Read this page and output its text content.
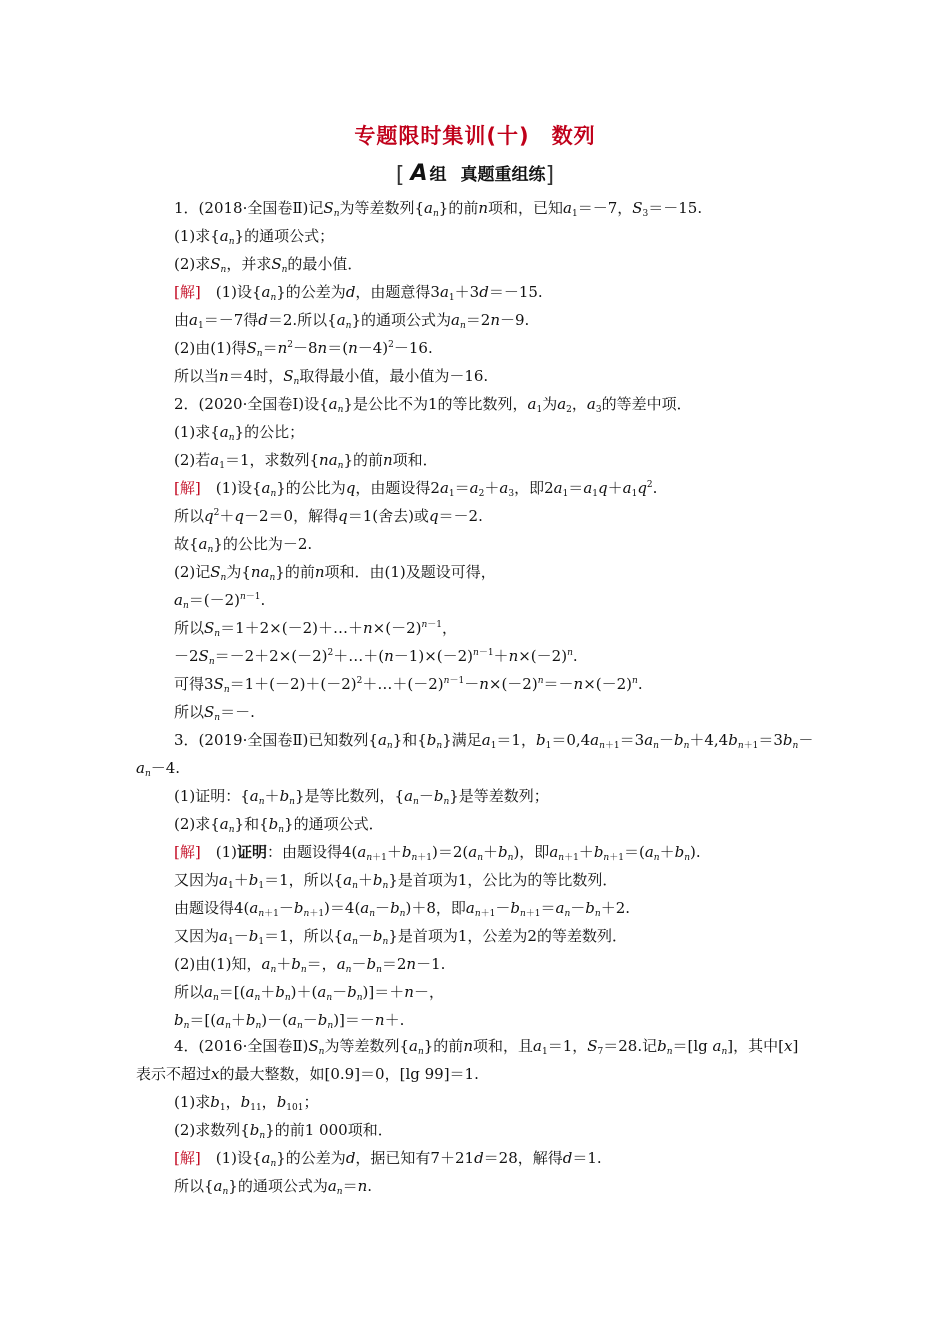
专题限时集训(十) 数列
[ A 组 真题重组练]
1．(2018·全国卷Ⅱ)记$S_n$为等差数列$\{a_n\}$的前n项和，已知$a_1=-7$，$S_3=-15$.
(1)求$\{a_n\}$的通项公式；
(2)求$S_n$，并求$S_n$的最小值．
[解]　(1)设$\{a_n\}$的公差为d，由题意得$3a_1+3d=-15$.
由$a_1=-7$得d＝2.所以$\{a_n\}$的通项公式为$a_n=2n-9$.
(2)由(1)得$S_n=n^2-8n=(n-4)^2-16$.
所以当n＝4时，$S_n$取得最小值，最小值为－16.
2．(2020·全国卷Ⅰ)设$\{a_n\}$是公比不为1的等比数列，$a_1$为$a_2$，$a_3$的等差中项．
(1)求$\{a_n\}$的公比；
(2)若$a_1=1$，求数列$\{na_n\}$的前n项和．
[解]　(1)设$\{a_n\}$的公比为q，由题设得$2a_1=a_2+a_3$，即$2a_1=a_1q+a_1q^2$.
所以$q^2+q-2=0$，解得q＝1(舍去)或q＝－2.
故$\{a_n\}$的公比为－2.
(2)记$S_n$为$\{na_n\}$的前n项和．由(1)及题设可得，
$a_n=(-2)^{n-1}$.
所以$S_n=1+2\times(-2)+\dots+n\times(-2)^{n-1}$，
$-2S_n=-2+2\times(-2)^2+\dots+(n-1)\times(-2)^{n-1}+n\times(-2)^n$.
可得$3S_n=1+(-2)+(-2)^2+\dots+(-2)^{n-1}-n\times(-2)^n=-n\times(-2)^n$.
所以$S_n=-$.
3．(2019·全国卷Ⅱ)已知数列$\{a_n\}$和$\{b_n\}$满足$a_1=1$，$b_1=0,4a_{n+1}=3a_n-b_n+4,4b_{n+1}=3b_n-$
$a_n-4$.
(1)证明：$\{a_n+b_n\}$是等比数列，$\{a_n-b_n\}$是等差数列；
(2)求$\{a_n\}$和$\{b_n\}$的通项公式．
[解]　(1)证明：由题设得$4(a_{n+1}+b_{n+1})=2(a_n+b_n)$，即$a_{n+1}+b_{n+1}=(a_n+b_n)$.
又因为$a_1+b_1=1$，所以$\{a_n+b_n\}$是首项为1，公比为的等比数列．
由题设得$4(a_{n+1}-b_{n+1})=4(a_n-b_n)+8$，即$a_{n+1}-b_{n+1}=a_n-b_n+2$.
又因为$a_1-b_1=1$，所以$\{a_n-b_n\}$是首项为1，公差为2的等差数列．
(2)由(1)知，$a_n+b_n=$，$a_n-b_n=2n-1$.
所以$a_n=[(a_n+b_n)+(a_n-b_n)]=+n-$，
$b_n=[(a_n+b_n)-(a_n-b_n)]=-n+$.
4．(2016·全国卷$Ⅱ)S_n$为等差数列$\{a_n\}$的前n项和，且$a_1=1$，$S_7=28$.记$b_n=[\lg$ $a_n$]，其中[x]
表示不超过x的最大整数，如[0.9]＝0，[lg 99]＝1.
(1)求$b_1$，$b_{11}$，$b_{101}$；
(2)求数列$\{b_n\}$的前1 000项和．
[解]　(1)设$\{a_n\}$的公差为d，据已知有7＋21d＝28，解得d＝1.
所以$\{a_n\}$的通项公式为$a_n=n$.
